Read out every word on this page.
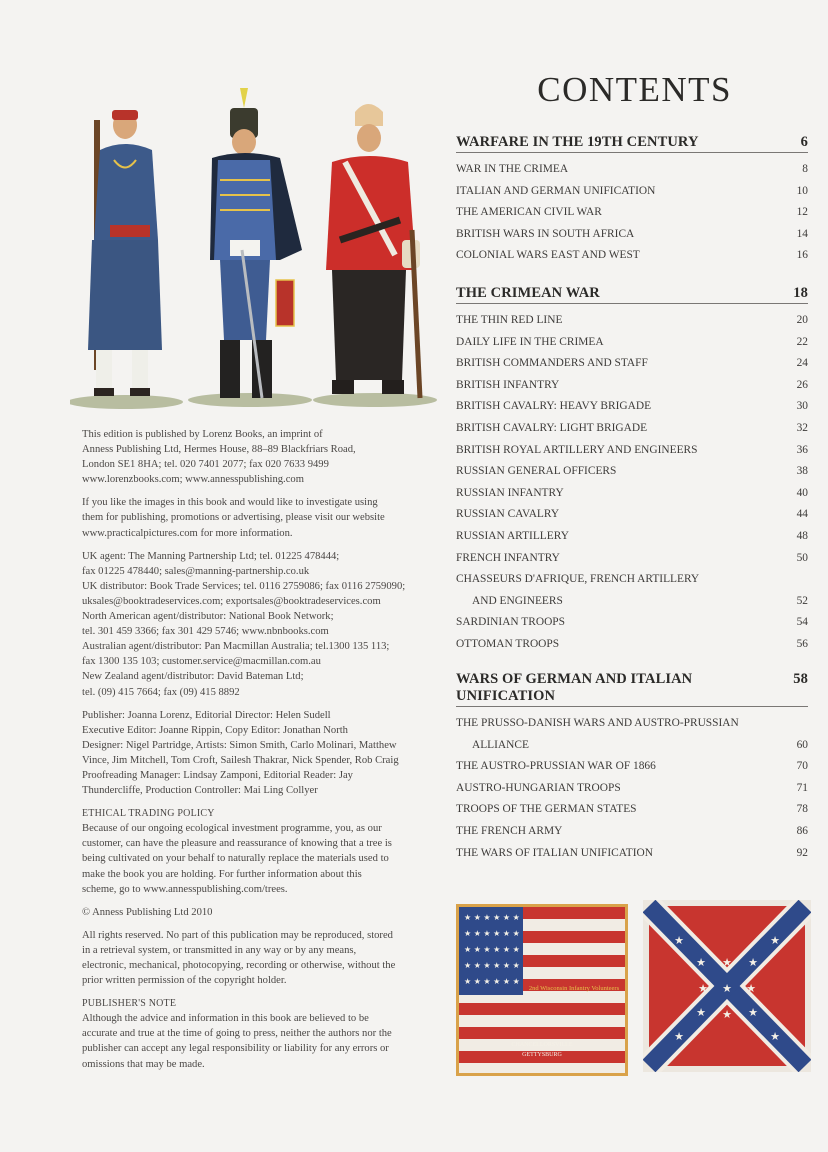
This edition is published by Lorenz Books, an imprint of
Anness Publishing Ltd, Hermes House, 88–89 Blackfriars Road,
London SE1 8HA; tel. 020 7401 2077; fax 020 7633 9499
www.lorenzbooks.com; www.annesspublishing.com

If you like the images in this book and would like to investigate using
them for publishing, promotions or advertising, please visit our website
www.practicalpictures.com for more information.

UK agent: The Manning Partnership Ltd; tel. 01225 478444;
fax 01225 478440; sales@manning-partnership.co.uk
UK distributor: Book Trade Services; tel. 0116 2759086; fax 0116 2759090;
uksales@booktradeservices.com; exportsales@booktradeservices.com
North American agent/distributor: National Book Network;
tel. 301 459 3366; fax 301 429 5746; www.nbnbooks.com
Australian agent/distributor: Pan Macmillan Australia; tel.1300 135 113;
fax 1300 135 103; customer.service@macmillan.com.au
New Zealand agent/distributor: David Bateman Ltd;
tel. (09) 415 7664; fax (09) 415 8892

Publisher: Joanna Lorenz, Editorial Director: Helen Sudell
Executive Editor: Joanne Rippin, Copy Editor: Jonathan North
Designer: Nigel Partridge, Artists: Simon Smith, Carlo Molinari, Matthew
Vince, Jim Mitchell, Tom Croft, Sailesh Thakrar, Nick Spender, Rob Craig
Proofreading Manager: Lindsay Zamponi, Editorial Reader: Jay
Thundercliffe, Production Controller: Mai Ling Collyer

ETHICAL TRADING POLICY
Because of our ongoing ecological investment programme, you, as our
customer, can have the pleasure and reassurance of knowing that a tree is
being cultivated on your behalf to naturally replace the materials used to
make the book you are holding. For further information about this
scheme, go to www.annesspublishing.com/trees.

© Anness Publishing Ltd 2010

All rights reserved. No part of this publication may be reproduced, stored
in a retrieval system, or transmitted in any way or by any means,
electronic, mechanical, photocopying, recording or otherwise, without the
prior written permission of the copyright holder.

PUBLISHER'S NOTE
Although the advice and information in this book are believed to be
accurate and true at the time of going to press, neither the authors nor the
publisher can accept any legal responsibility or liability for any errors or
omissions that may be made.

CONTENTS
WARFARE IN THE 19TH CENTURY	6
WAR IN THE CRIMEA	8
ITALIAN AND GERMAN UNIFICATION	10
THE AMERICAN CIVIL WAR	12
BRITISH WARS IN SOUTH AFRICA	14
COLONIAL WARS EAST AND WEST	16
THE CRIMEAN WAR	18
THE THIN RED LINE	20
DAILY LIFE IN THE CRIMEA	22
BRITISH COMMANDERS AND STAFF	24
BRITISH INFANTRY	26
BRITISH CAVALRY: HEAVY BRIGADE	30
BRITISH CAVALRY: LIGHT BRIGADE	32
BRITISH ROYAL ARTILLERY AND ENGINEERS	36
RUSSIAN GENERAL OFFICERS	38
RUSSIAN INFANTRY	40
RUSSIAN CAVALRY	44
RUSSIAN ARTILLERY	48
FRENCH INFANTRY	50
CHASSEURS D'AFRIQUE, FRENCH ARTILLERY
AND ENGINEERS	52
SARDINIAN TROOPS	54
OTTOMAN TROOPS	56
WARS OF GERMAN AND ITALIAN UNIFICATION
58
THE PRUSSO-DANISH WARS AND AUSTRO-PRUSSIAN
ALLIANCE	60
THE AUSTRO-PRUSSIAN WAR OF 1866	70
AUSTRO-HUNGARIAN TROOPS	71
TROOPS OF THE GERMAN STATES	78
THE FRENCH ARMY	86
THE WARS OF ITALIAN UNIFICATION	92
★ ★ ★ ★ ★ ★
★ ★ ★ ★ ★ ★
★ ★ ★ ★ ★ ★
★ ★ ★ ★ ★ ★
★ ★ ★ ★ ★ ★
2nd Wisconsin Infantry Volunteers
CHANCELLORSVILLE
GETTYSBURG
★	★
★	★
★
★	★
★	★
★
★
★	★
